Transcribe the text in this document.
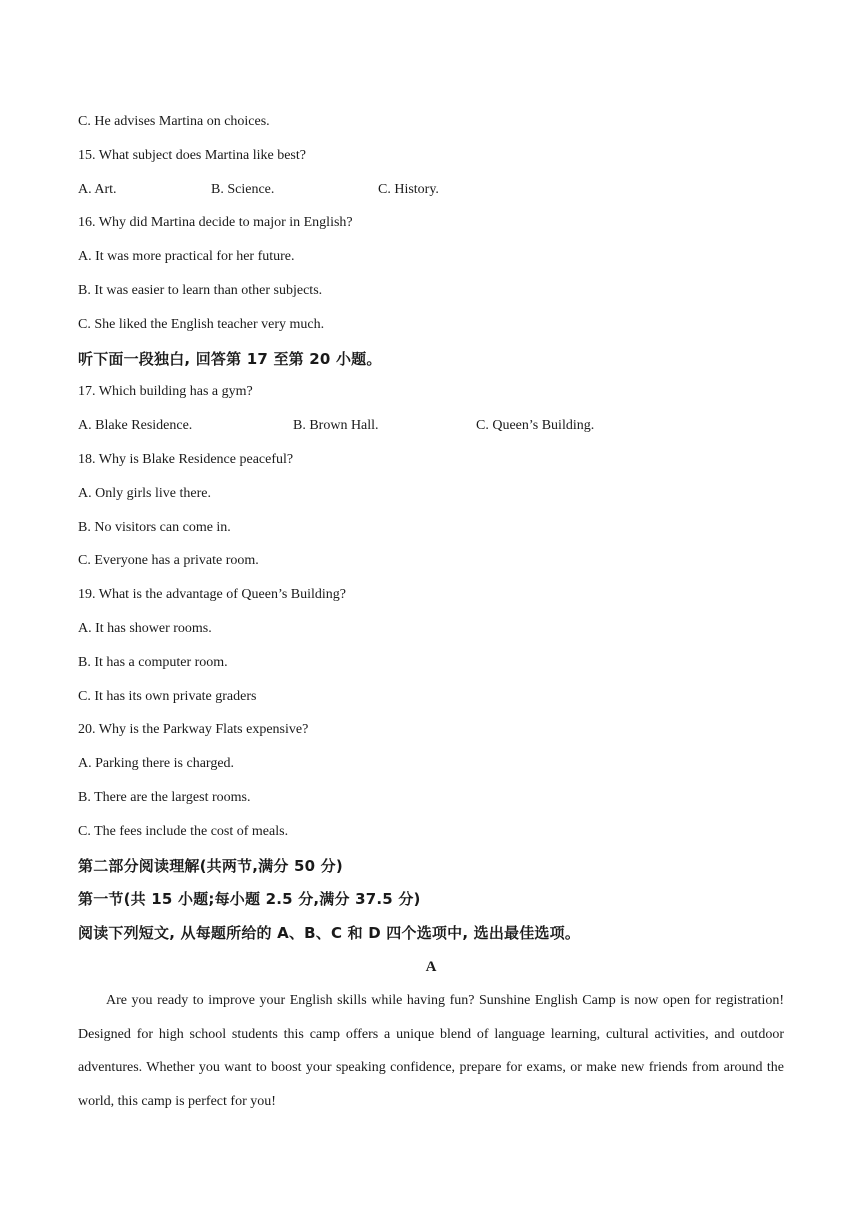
C. He advises Martina on choices.
15. What subject does Martina like best?
A. Art.	B. Science.	C. History.
16. Why did Martina decide to major in English?
A. It was more practical for her future.
B. It was easier to learn than other subjects.
C. She liked the English teacher very much.
听下面一段独白, 回答第 17 至第 20 小题。
17. Which building has a gym?
A. Blake Residence.	B. Brown Hall.	C. Queen’s Building.
18. Why is Blake Residence peaceful?
A. Only girls live there.
B. No visitors can come in.
C. Everyone has a private room.
19. What is the advantage of Queen’s Building?
A. It has shower rooms.
B. It has a computer room.
C. It has its own private graders
20. Why is the Parkway Flats expensive?
A. Parking there is charged.
B. There are the largest rooms.
C. The fees include the cost of meals.
第二部分阅读理解(共两节,满分 50 分)
第一节(共 15 小题;每小题 2.5 分,满分 37.5 分)
阅读下列短文, 从每题所给的 A、B、C 和 D 四个选项中, 选出最佳选项。
A
Are you ready to improve your English skills while having fun? Sunshine English Camp is now open for registration! Designed for high school students this camp offers a unique blend of language learning, cultural activities, and outdoor adventures. Whether you want to boost your speaking confidence, prepare for exams, or make new friends from around the world, this camp is perfect for you!
